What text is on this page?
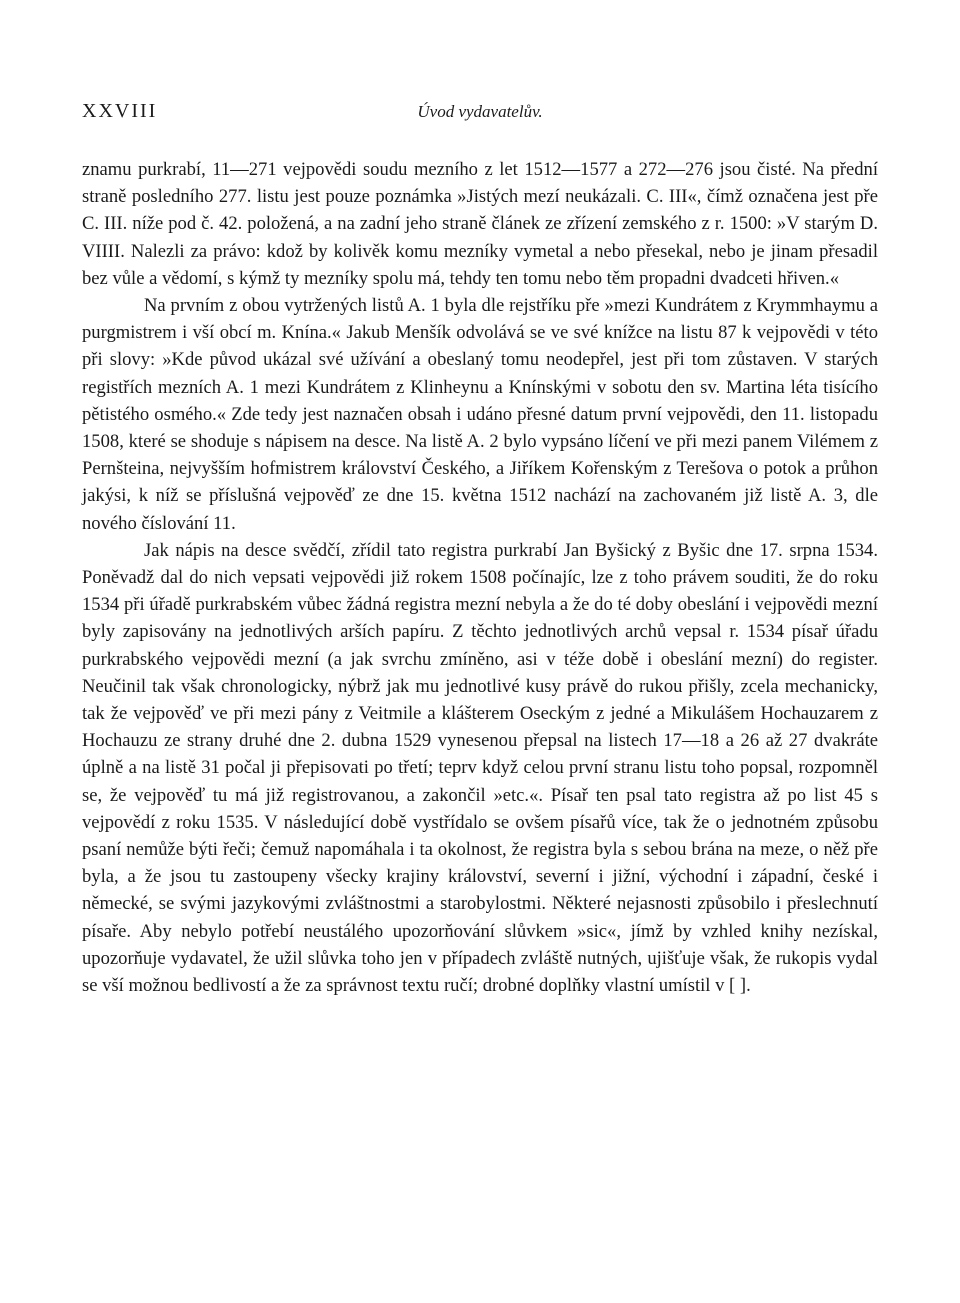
XXVIII	Úvod vydavatelův.

znamu purkrabí, 11—271 vejpovědi soudu mezního z let 1512—1577 a 272—276 jsou čisté. Na přední straně posledního 277. listu jest pouze poznámka »Jistých mezí neukázali. C. III«, čímž označena jest pře C. III. níže pod č. 42. položená, a na zadní jeho straně článek ze zřízení zemského z r. 1500: »V starým D. VIIII. Nalezli za právo: kdož by kolivěk komu mezníky vymetal a nebo přesekal, nebo je jinam přesadil bez vůle a vědomí, s kýmž ty mezníky spolu má, tehdy ten tomu nebo těm propadni dvadceti hřiven.«

Na prvním z obou vytržených listů A. 1 byla dle rejstříku pře »mezi Kundrátem z Krymmhaymu a purgmistrem i vší obcí m. Knína.« Jakub Menšík odvolává se ve své knížce na listu 87 k vejpovědi v této při slovy: »Kde původ ukázal své užívání a obeslaný tomu neodepřel, jest při tom zůstaven. V starých registřích mezních A. 1 mezi Kundrátem z Klinheynu a Knínskými v sobotu den sv. Martina léta tisícího pětistého osmého.« Zde tedy jest naznačen obsah i udáno přesné datum první vejpovědi, den 11. listopadu 1508, které se shoduje s nápisem na desce. Na listě A. 2 bylo vypsáno líčení ve při mezi panem Vilémem z Pernšteina, nejvyšším hofmistrem království Českého, a Jiříkem Kořenským z Terešova o potok a průhon jakýsi, k níž se příslušná vejpověď ze dne 15. května 1512 nachází na zachovaném již listě A. 3, dle nového číslování 11.

Jak nápis na desce svědčí, zřídil tato registra purkrabí Jan Byšický z Byšic dne 17. srpna 1534. Poněvadž dal do nich vepsati vejpovědi již rokem 1508 počínajíc, lze z toho právem souditi, že do roku 1534 při úřadě purkrabském vůbec žádná registra mezní nebyla a že do té doby obeslání i vejpovědi mezní byly zapisovány na jednotlivých arších papíru. Z těchto jednotlivých archů vepsal r. 1534 písař úřadu purkrabského vejpovědi mezní (a jak svrchu zmíněno, asi v téže době i obeslání mezní) do register. Neučinil tak však chronologicky, nýbrž jak mu jednotlivé kusy právě do rukou přišly, zcela mechanicky, tak že vejpověď ve při mezi pány z Veitmile a klášterem Oseckým z jedné a Mikulášem Hochauzarem z Hochauzu ze strany druhé dne 2. dubna 1529 vynesenou přepsal na listech 17—18 a 26 až 27 dvakráte úplně a na listě 31 počal ji přepisovati po třetí; teprv když celou první stranu listu toho popsal, rozpomněl se, že vejpověď tu má již registrovanou, a zakončil »etc.«. Písař ten psal tato registra až po list 45 s vejpovědí z roku 1535. V následující době vystřídalo se ovšem písařů více, tak že o jednotném způsobu psaní nemůže býti řeči; čemuž napomáhala i ta okolnost, že registra byla s sebou brána na meze, o něž pře byla, a že jsou tu zastoupeny všecky krajiny království, severní i jižní, východní i západní, české i německé, se svými jazykovými zvláštnostmi a starobylostmi. Některé nejasnosti způsobilo i přeslechnutí písaře. Aby nebylo potřebí neustálého upozorňování slůvkem »sic«, jímž by vzhled knihy nezískal, upozorňuje vydavatel, že užil slůvka toho jen v případech zvláště nutných, ujišťuje však, že rukopis vydal se vší možnou bedlivostí a že za správnost textu ručí; drobné doplňky vlastní umístil v [ ].
